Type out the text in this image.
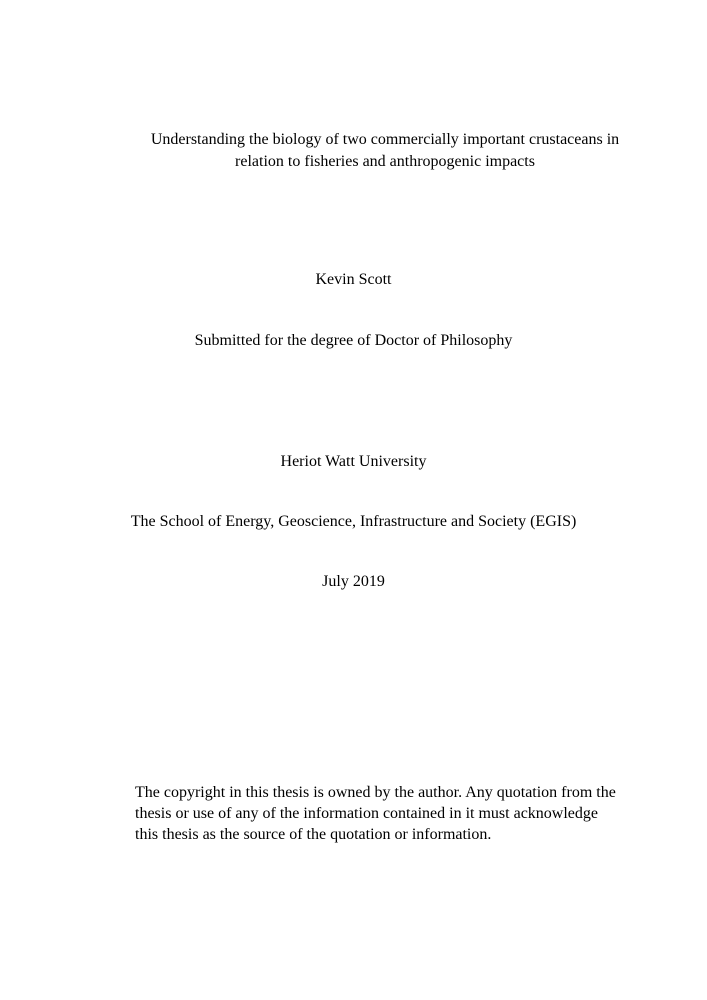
Understanding the biology of two commercially important crustaceans in
relation to fisheries and anthropogenic impacts
Kevin Scott
Submitted for the degree of Doctor of Philosophy
Heriot Watt University
The School of Energy, Geoscience, Infrastructure and Society (EGIS)
July 2019
The copyright in this thesis is owned by the author. Any quotation from the
thesis or use of any of the information contained in it must acknowledge
this thesis as the source of the quotation or information.
